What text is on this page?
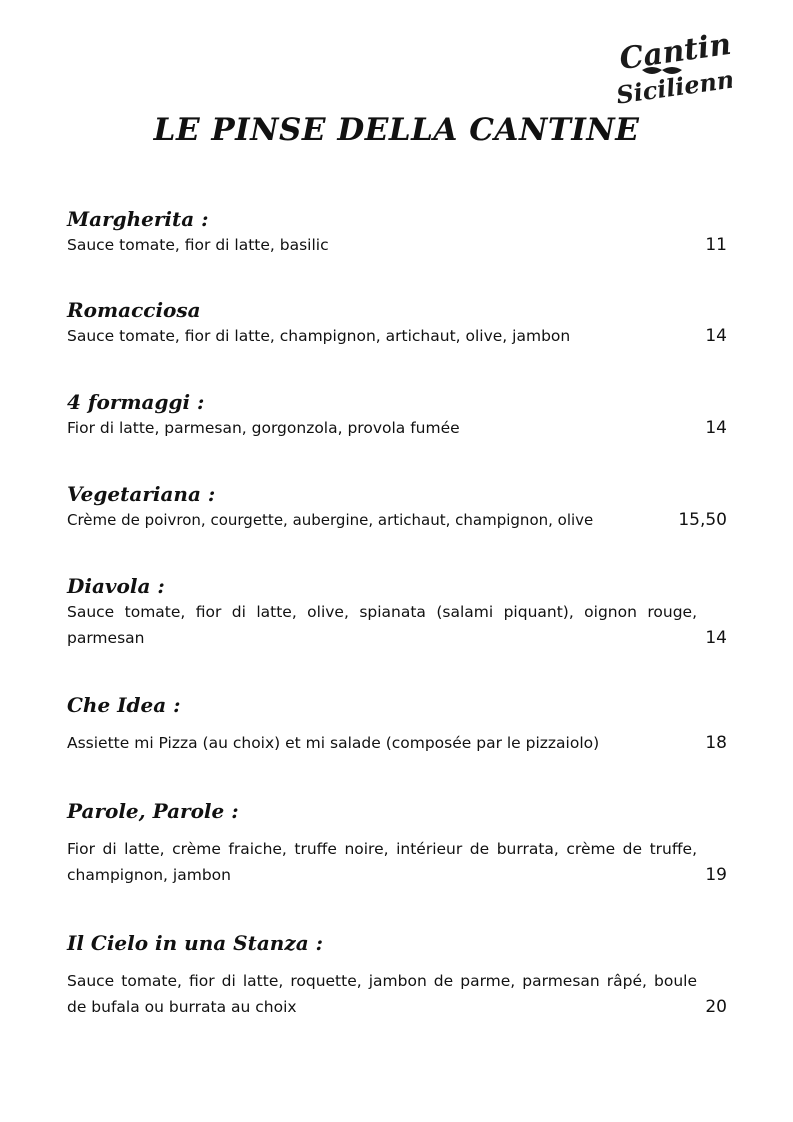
Cantine
Sicilienne
LE PINSE DELLA CANTINE
Margherita :
Sauce tomate, fior di latte, basilic	11
Romacciosa
Sauce tomate, fior di latte, champignon, artichaut, olive, jambon	14
4 formaggi :
Fior di latte, parmesan, gorgonzola, provola fumée	14
Vegetariana :
Crème de poivron, courgette, aubergine, artichaut, champignon, olive	15,50
Diavola :
Sauce tomate, fior di latte, olive, spianata (salami piquant), oignon rouge, parmesan	14
Che Idea :
Assiette mi Pizza (au choix) et mi salade (composée par le pizzaiolo)	18
Parole, Parole :
Fior di latte, crème fraiche, truffe noire, intérieur de burrata, crème de truffe, champignon, jambon	19
Il Cielo in una Stanza :
Sauce tomate, fior di latte, roquette, jambon de parme, parmesan râpé, boule de bufala ou burrata au choix	20
